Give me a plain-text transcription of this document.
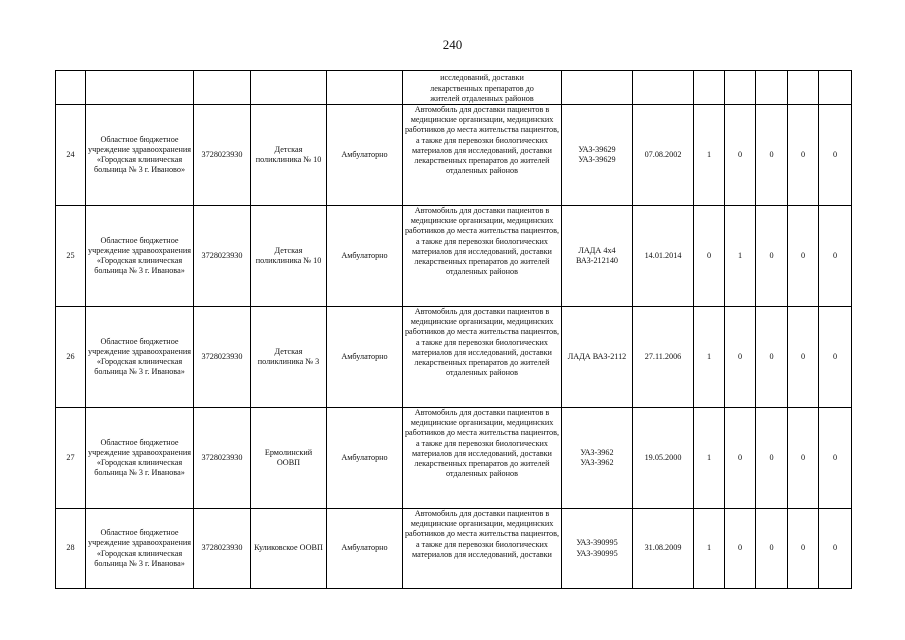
240

					исследований, доставки
лекарственных препаратов до
жителей отдаленных районов							

24	Областное бюджетное учреждение здравоохранения «Городская клиническая больница № 3 г. Иваново»	3728023930	Детская поликлиника № 10	Амбулаторно	Автомобиль для доставки пациентов в медицинские организации, медицинских работников до места жительства пациентов, а также для перевозки биологических материалов для исследований, доставки лекарственных препаратов до жителей отдаленных районов	УАЗ-39629 УАЗ-39629	07.08.2002	1	0	0	0	0
25	Областное бюджетное учреждение здравоохранения «Городская клиническая больница № 3 г. Иванова»	3728023930	Детская поликлиника № 10	Амбулаторно	Автомобиль для доставки пациентов в медицинские организации, медицинских работников до места жительства пациентов, а также для перевозки биологических материалов для исследований, доставки лекарственных препаратов до жителей отдаленных районов	ЛАДА 4x4 ВАЗ-212140	14.01.2014	0	1	0	0	0
26	Областное бюджетное учреждение здравоохранения «Городская клиническая больница № 3 г. Иванова»	3728023930	Детская поликлиника № 3	Амбулаторно	Автомобиль для доставки пациентов в медицинские организации, медицинских работников до места жительства пациентов, а также для перевозки биологических материалов для исследований, доставки лекарственных препаратов до жителей отдаленных районов	ЛАДА ВАЗ-2112	27.11.2006	1	0	0	0	0
27	Областное бюджетное учреждение здравоохранения «Городская клиническая больница № 3 г. Иванова»	3728023930	Ермолинский ООВП	Амбулаторно	Автомобиль для доставки пациентов в медицинские организации, медицинских работников до места жительства пациентов, а также для перевозки биологических материалов для исследований, доставки лекарственных препаратов до жителей отдаленных районов	УАЗ-3962 УАЗ-3962	19.05.2000	1	0	0	0	0
28	Областное бюджетное учреждение здравоохранения «Городская клиническая больница № 3 г. Иванова»	3728023930	Куликовское ООВП	Амбулаторно	Автомобиль для доставки пациентов в медицинские организации, медицинских работников до места жительства пациентов, а также для перевозки биологических материалов для исследований, доставки	УАЗ-390995 УАЗ-390995	31.08.2009	1	0	0	0	0
